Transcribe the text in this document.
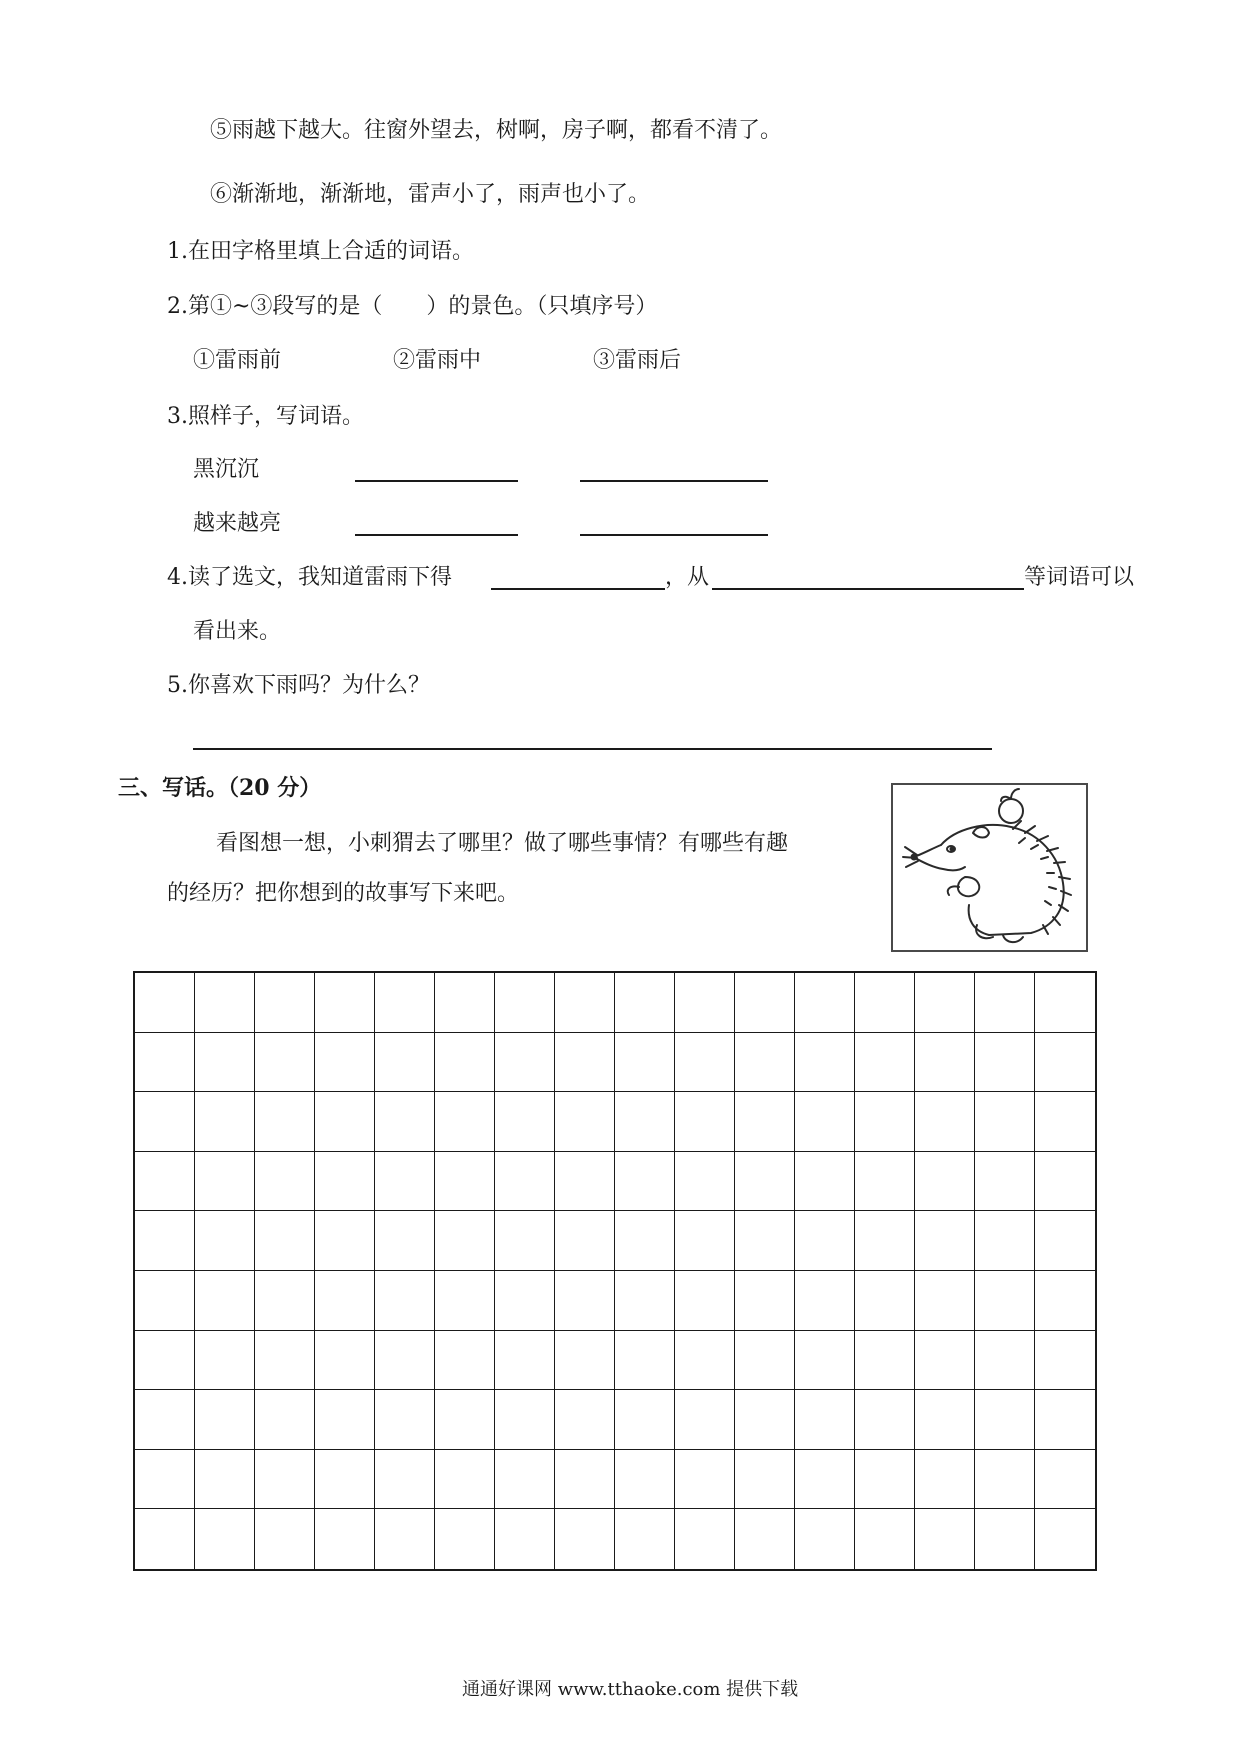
⑤雨越下越大。往窗外望去，树啊，房子啊，都看不清了。
⑥渐渐地，渐渐地，雷声小了，雨声也小了。
1.在田字格里填上合适的词语。
2.第①~③段写的是（　　）的景色。（只填序号）
①雷雨前	②雷雨中	③雷雨后
3.照样子，写词语。
黑沉沉
越来越亮
4.读了选文，我知道雷雨下得	，从	等词语可以
看出来。
5.你喜欢下雨吗？为什么？
三、写话。（20 分）
看图想一想，小刺猬去了哪里？做了哪些事情？有哪些有趣
的经历？把你想到的故事写下来吧。
通通好课网 www.tthaoke.com 提供下载
